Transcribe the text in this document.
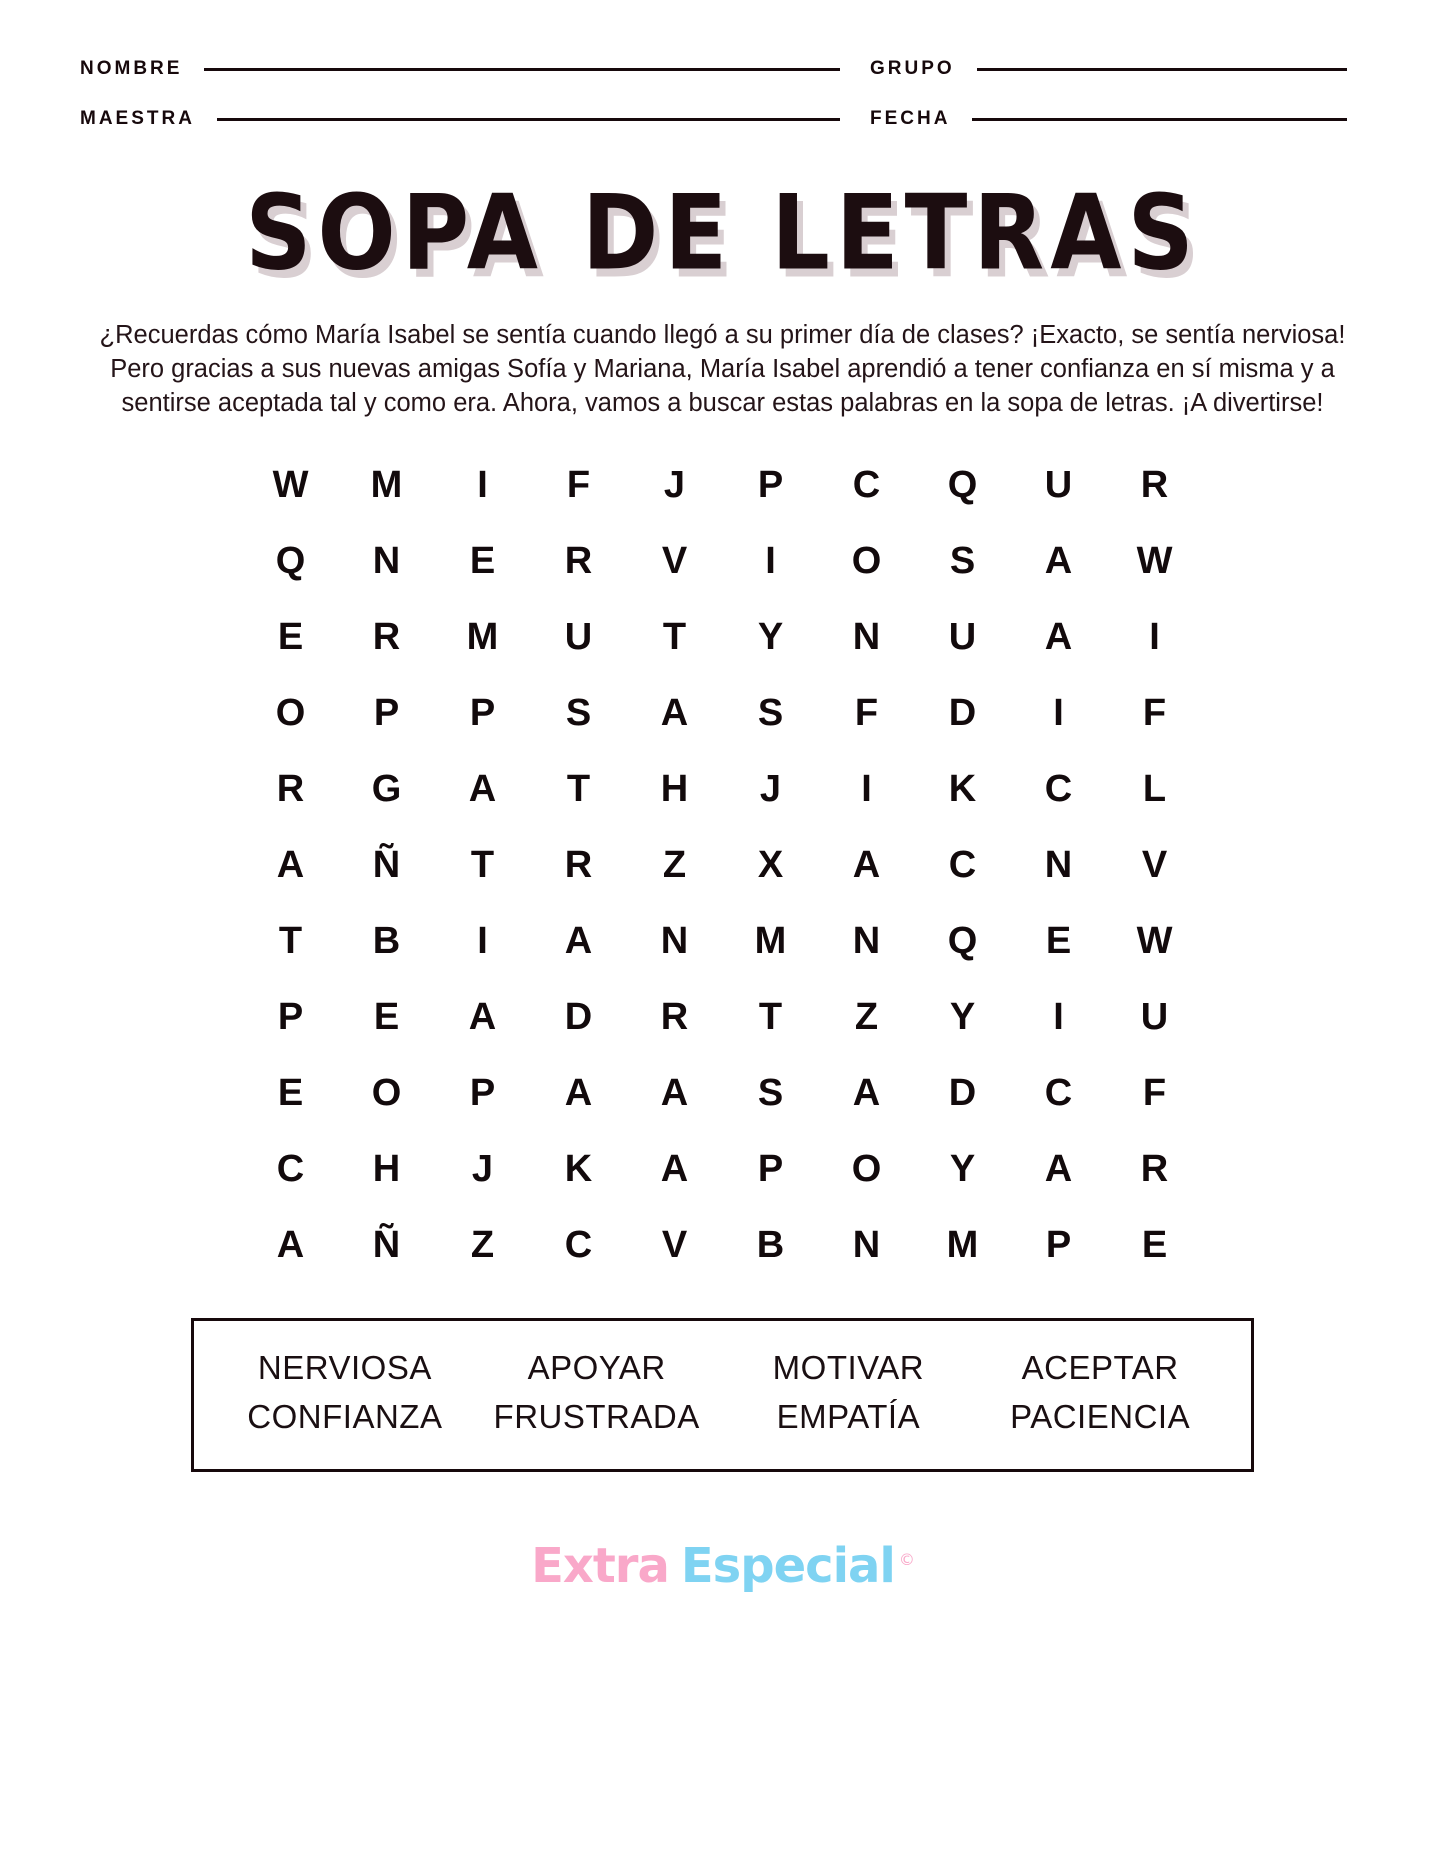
NOMBRE	GRUPO
MAESTRA	FECHA
SOPA DE LETRAS

¿Recuerdas cómo María Isabel se sentía cuando llegó a su primer día de clases? ¡Exacto, se sentía nerviosa! Pero gracias a sus nuevas amigas Sofía y Mariana, María Isabel aprendió a tener confianza en sí misma y a sentirse aceptada tal y como era. Ahora, vamos a buscar estas palabras en la sopa de letras. ¡A divertirse!

W	M	I	F	J	P	C	Q	U	R
Q	N	E	R	V	I	O	S	A	W
E	R	M	U	T	Y	N	U	A	I
O	P	P	S	A	S	F	D	I	F
R	G	A	T	H	J	I	K	C	L
A	Ñ	T	R	Z	X	A	C	N	V
T	B	I	A	N	M	N	Q	E	W
P	E	A	D	R	T	Z	Y	I	U
E	O	P	A	A	S	A	D	C	F
C	H	J	K	A	P	O	Y	A	R
A	Ñ	Z	C	V	B	N	M	P	E
NERVIOSA	APOYAR	MOTIVAR	ACEPTAR
CONFIANZA	FRUSTRADA	EMPATÍA	PACIENCIA
Extra Especial ©
